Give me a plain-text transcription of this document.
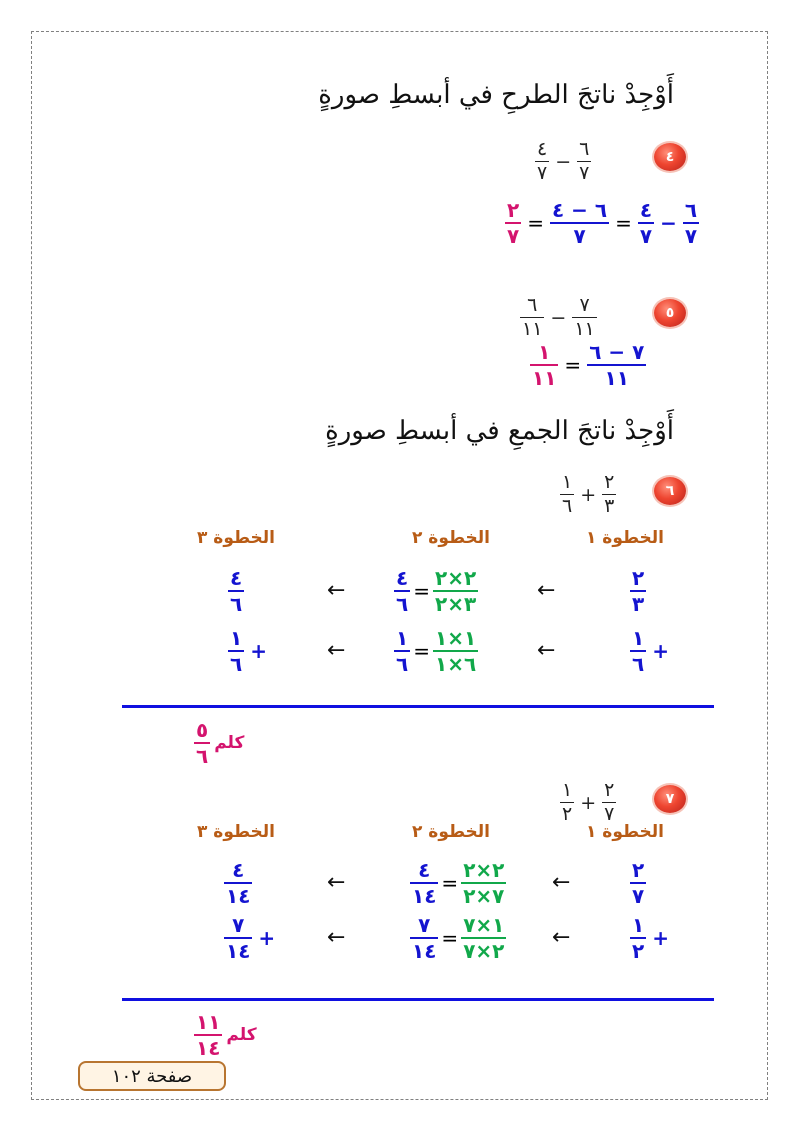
أَوْجِدْ ناتجَ الطرحِ في أبسطِ صورةٍ
٤
$\frac{٤}{٧} - \frac{٦}{٧}$
$\frac{٢}{٧} = \frac{٦ - ٤}{٧} = \frac{٤}{٧} - \frac{٦}{٧}$
٥
$\frac{٦}{١١} - \frac{٧}{١١}$
$\frac{١}{١١} = \frac{٧ - ٦}{١١}$
أَوْجِدْ ناتجَ الجمعِ في أبسطِ صورةٍ
٦
$\frac{١}{٦} + \frac{٢}{٣}$
الخطوة ١
الخطوة ٢
الخطوة ٣
$\frac{٢}{٣}$
←
$\frac{٤}{٦} = \frac{٢\times ٢}{٣\times ٢}$
←
$\frac{٤}{٦}$
$\frac{١}{٦}$ +
←
$\frac{١}{٦} = \frac{١\times ١}{٦\times ١}$
←
$\frac{١}{٦}$ +
$\frac{٥}{٦}$ كلم
٧
$\frac{١}{٢} + \frac{٢}{٧}$
الخطوة ١
الخطوة ٢
الخطوة ٣
$\frac{٢}{٧}$
←
$\frac{٤}{١٤} = \frac{٢\times ٢}{٧\times ٢}$
←
$\frac{٤}{١٤}$
$\frac{١}{٢}$ +
←
$\frac{٧}{١٤} = \frac{١\times ٧}{٢\times ٧}$
←
$\frac{٧}{١٤}$ +
$\frac{١١}{١٤}$ كلم
صفحة ١٠٢
